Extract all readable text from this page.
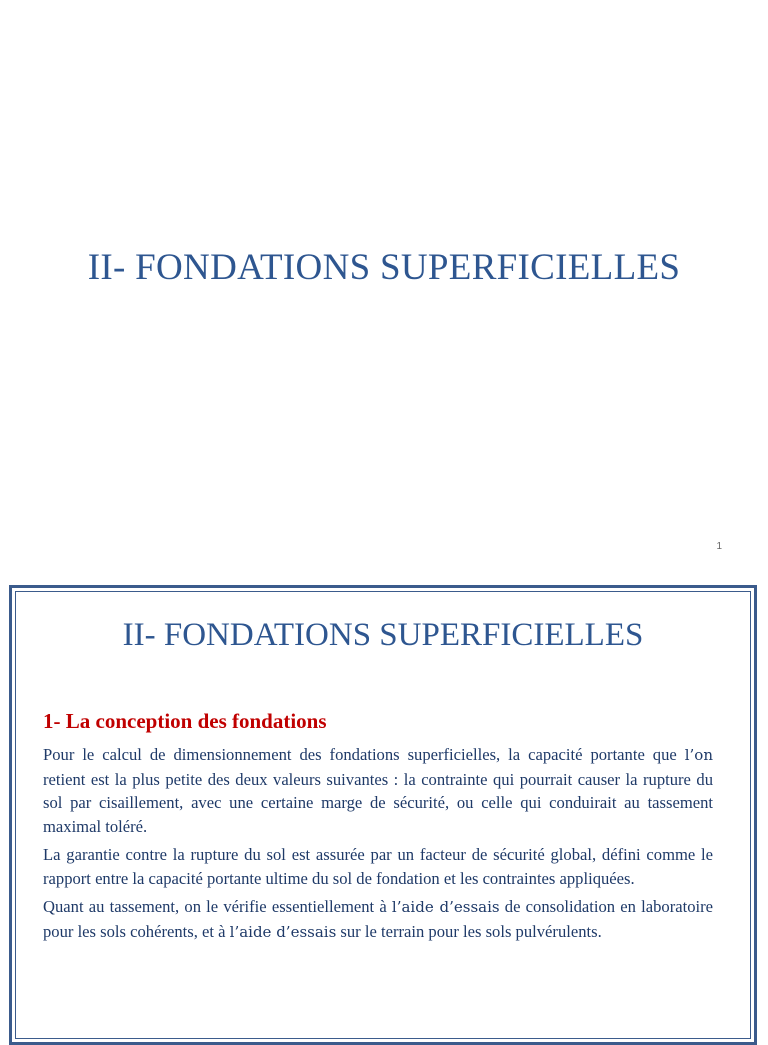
II- FONDATIONS SUPERFICIELLES
1
II- FONDATIONS SUPERFICIELLES
1- La conception des fondations

Pour le calcul de dimensionnement des fondations superficielles, la capacité portante que l’on retient est la plus petite des deux valeurs suivantes : la contrainte qui pourrait causer la rupture du sol par cisaillement, avec une certaine marge de sécurité, ou celle qui conduirait au tassement maximal toléré.

La garantie contre la rupture du sol est assurée par un facteur de sécurité global, défini comme le rapport entre la capacité portante ultime du sol de fondation et les contraintes appliquées.

Quant au tassement, on le vérifie essentiellement à l’aide d’essais de consolidation en laboratoire pour les sols cohérents, et à l’aide d’essais sur le terrain pour les sols pulvérulents.
